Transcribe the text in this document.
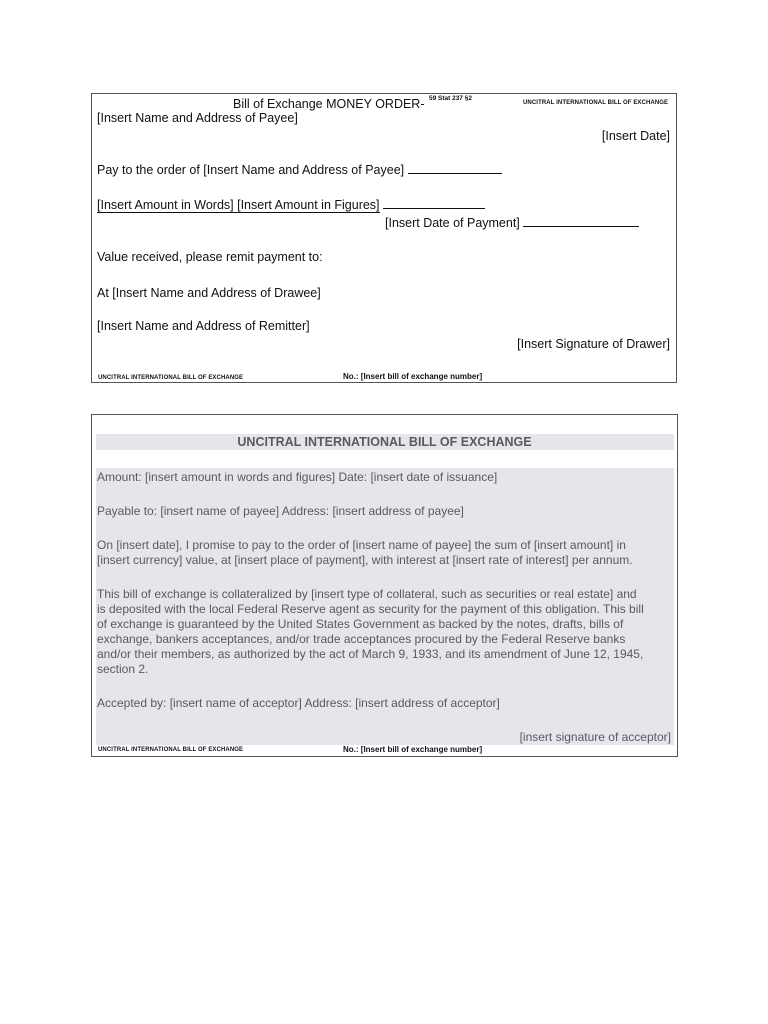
Bill of Exchange MONEY ORDER- $^{59 Stat 237 \S 2}$
UNCITRAL INTERNATIONAL BILL OF EXCHANGE
[Insert Name and Address of Payee]
[Insert Date]
Pay to the order of [Insert Name and Address of Payee]
[Insert Amount in Words] [Insert Amount in Figures]
[Insert Date of Payment]
Value received, please remit payment to:
At [Insert Name and Address of Drawee]
[Insert Name and Address of Remitter]
[Insert Signature of Drawer]
UNCITRAL INTERNATIONAL BILL OF EXCHANGE	No.: [Insert bill of exchange number]
UNCITRAL INTERNATIONAL BILL OF EXCHANGE
Amount: [insert amount in words and figures] Date: [insert date of issuance]
Payable to: [insert name of payee] Address: [insert address of payee]
On [insert date], I promise to pay to the order of [insert name of payee] the sum of [insert amount] in
[insert currency] value, at [insert place of payment], with interest at [insert rate of interest] per annum.
This bill of exchange is collateralized by [insert type of collateral, such as securities or real estate] and
is deposited with the local Federal Reserve agent as security for the payment of this obligation. This bill
of exchange is guaranteed by the United States Government as backed by the notes, drafts, bills of
exchange, bankers acceptances, and/or trade acceptances procured by the Federal Reserve banks
and/or their members, as authorized by the act of March 9, 1933, and its amendment of June 12, 1945,
section 2.
Accepted by: [insert name of acceptor] Address: [insert address of acceptor]
[insert signature of acceptor]
UNCITRAL INTERNATIONAL BILL OF EXCHANGE	No.: [Insert bill of exchange number]
